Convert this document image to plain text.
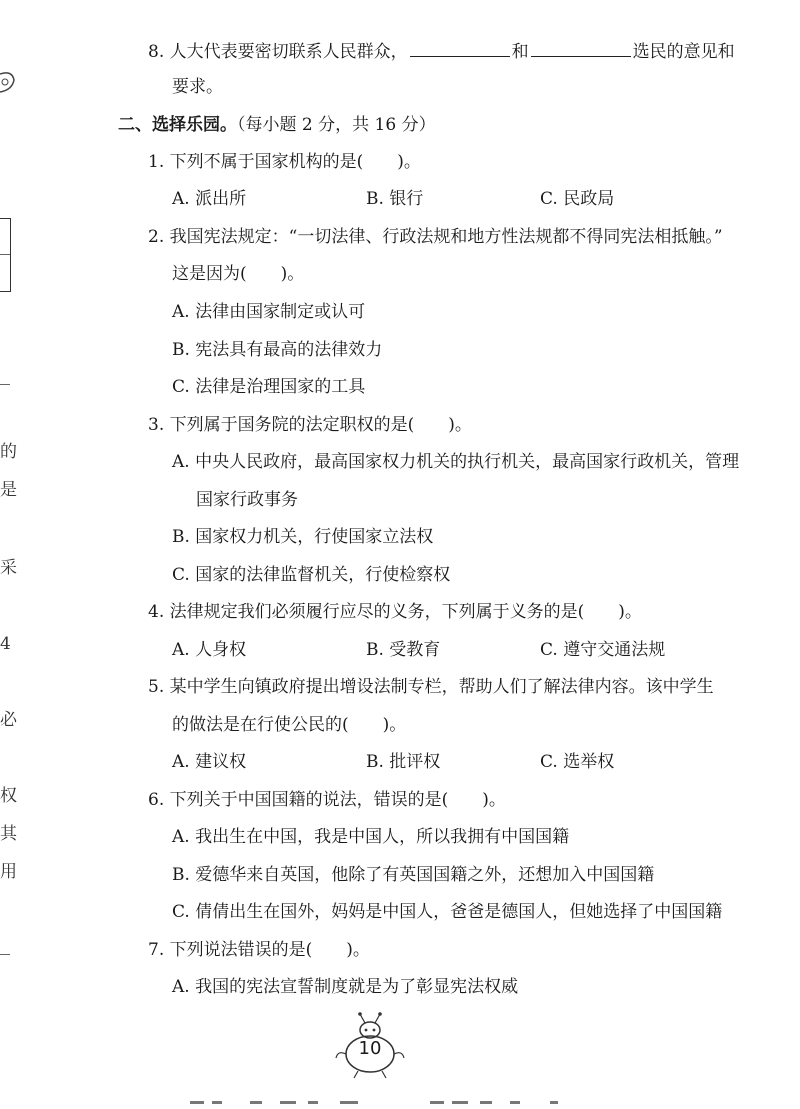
的
是
采
4
必
权
其
用
8. 人大代表要密切联系人民群众，	和	选民的意见和
要求。
二、选择乐园。（每小题 2 分，共 16 分）
1. 下列不属于国家机构的是(　　)。
A. 派出所	B. 银行	C. 民政局
2. 我国宪法规定：“一切法律、行政法规和地方性法规都不得同宪法相抵触。”
这是因为(　　)。
A. 法律由国家制定或认可
B. 宪法具有最高的法律效力
C. 法律是治理国家的工具
3. 下列属于国务院的法定职权的是(　　)。
A. 中央人民政府，最高国家权力机关的执行机关，最高国家行政机关，管理
国家行政事务
B. 国家权力机关，行使国家立法权
C. 国家的法律监督机关，行使检察权
4. 法律规定我们必须履行应尽的义务，下列属于义务的是(　　)。
A. 人身权	B. 受教育	C. 遵守交通法规
5. 某中学生向镇政府提出增设法制专栏，帮助人们了解法律内容。该中学生
的做法是在行使公民的(　　)。
A. 建议权	B. 批评权	C. 选举权
6. 下列关于中国国籍的说法，错误的是(　　)。
A. 我出生在中国，我是中国人，所以我拥有中国国籍
B. 爱德华来自英国，他除了有英国国籍之外，还想加入中国国籍
C. 倩倩出生在国外，妈妈是中国人，爸爸是德国人，但她选择了中国国籍
7. 下列说法错误的是(　　)。
A. 我国的宪法宣誓制度就是为了彰显宪法权威
10
